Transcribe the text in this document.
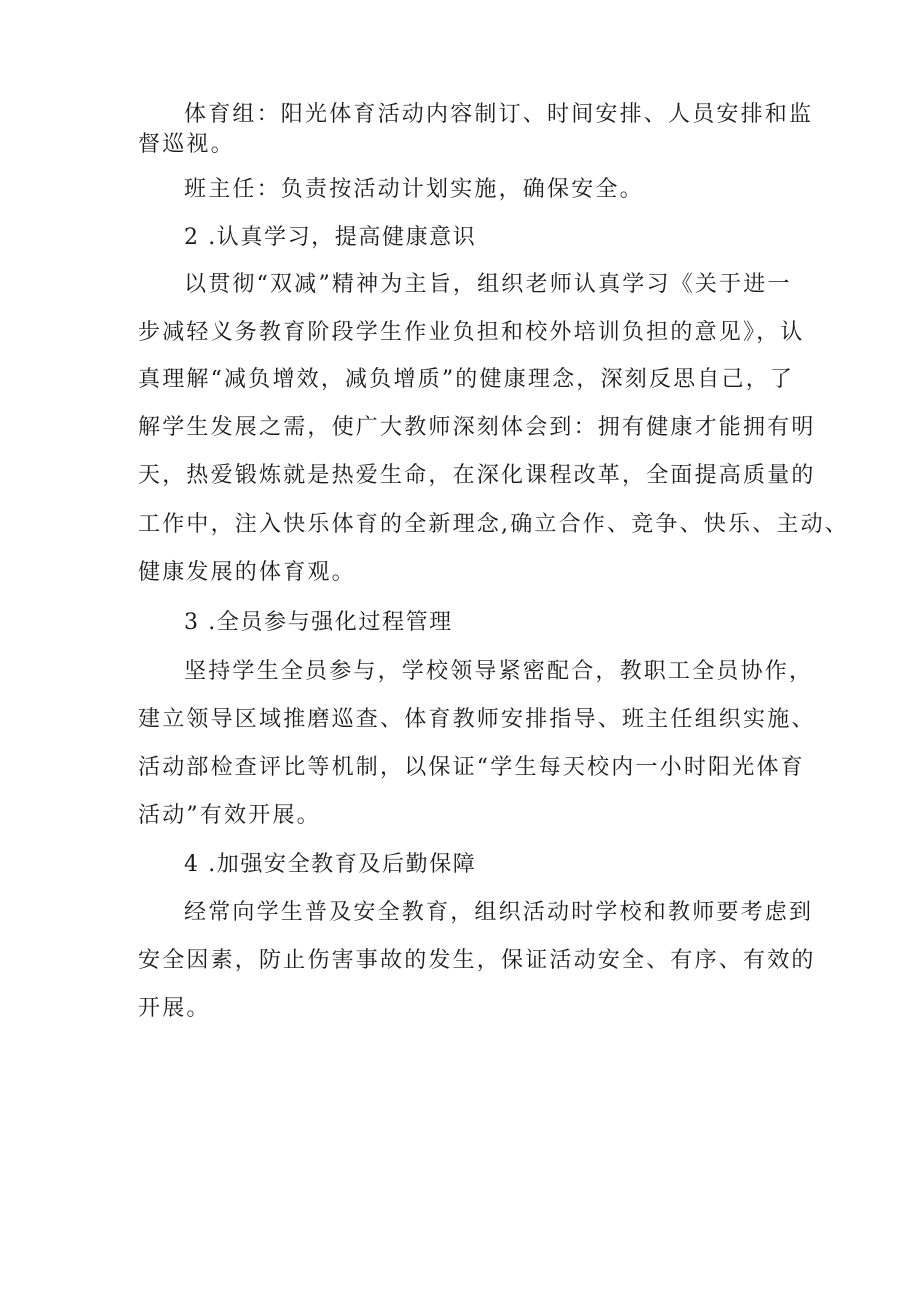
体育组：阳光体育活动内容制订、时间安排、人员安排和监
督巡视。
班主任：负责按活动计划实施，确保安全。
2 .认真学习，提高健康意识
以贯彻“双减”精神为主旨，组织老师认真学习《关于进一
步减轻义务教育阶段学生作业负担和校外培训负担的意见》，认
真理解“减负增效，减负增质”的健康理念，深刻反思自己，了
解学生发展之需，使广大教师深刻体会到：拥有健康才能拥有明
天，热爱锻炼就是热爱生命，在深化课程改革，全面提高质量的
工作中，注入快乐体育的全新理念,确立合作、竞争、快乐、主动、
健康发展的体育观。
3 .全员参与强化过程管理
坚持学生全员参与，学校领导紧密配合，教职工全员协作，
建立领导区域推磨巡查、体育教师安排指导、班主任组织实施、
活动部检查评比等机制，以保证“学生每天校内一小时阳光体育
活动”有效开展。
4 .加强安全教育及后勤保障
经常向学生普及安全教育，组织活动时学校和教师要考虑到
安全因素，防止伤害事故的发生，保证活动安全、有序、有效的
开展。
